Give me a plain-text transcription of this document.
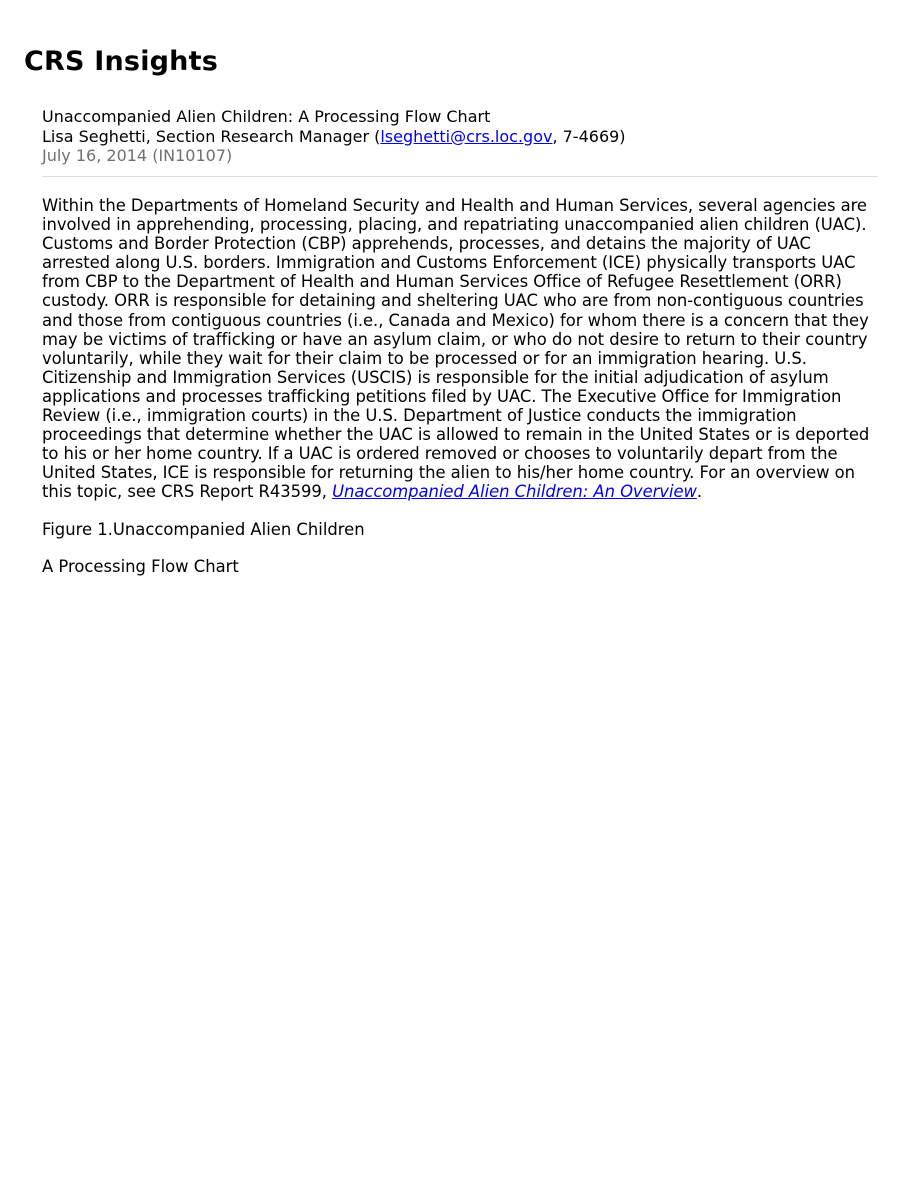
CRS Insights
Unaccompanied Alien Children: A Processing Flow Chart
Lisa Seghetti, Section Research Manager (lseghetti@crs.loc.gov, 7-4669)
July 16, 2014 (IN10107)

Within the Departments of Homeland Security and Health and Human Services, several agencies are involved in apprehending, processing, placing, and repatriating unaccompanied alien children (UAC). Customs and Border Protection (CBP) apprehends, processes, and detains the majority of UAC arrested along U.S. borders. Immigration and Customs Enforcement (ICE) physically transports UAC from CBP to the Department of Health and Human Services Office of Refugee Resettlement (ORR) custody. ORR is responsible for detaining and sheltering UAC who are from non-contiguous countries and those from contiguous countries (i.e., Canada and Mexico) for whom there is a concern that they may be victims of trafficking or have an asylum claim, or who do not desire to return to their country voluntarily, while they wait for their claim to be processed or for an immigration hearing. U.S. Citizenship and Immigration Services (USCIS) is responsible for the initial adjudication of asylum applications and processes trafficking petitions filed by UAC. The Executive Office for Immigration Review (i.e., immigration courts) in the U.S. Department of Justice conducts the immigration proceedings that determine whether the UAC is allowed to remain in the United States or is deported to his or her home country. If a UAC is ordered removed or chooses to voluntarily depart from the United States, ICE is responsible for returning the alien to his/her home country. For an overview on this topic, see CRS Report R43599, Unaccompanied Alien Children: An Overview.

Figure 1.Unaccompanied Alien Children

A Processing Flow Chart
